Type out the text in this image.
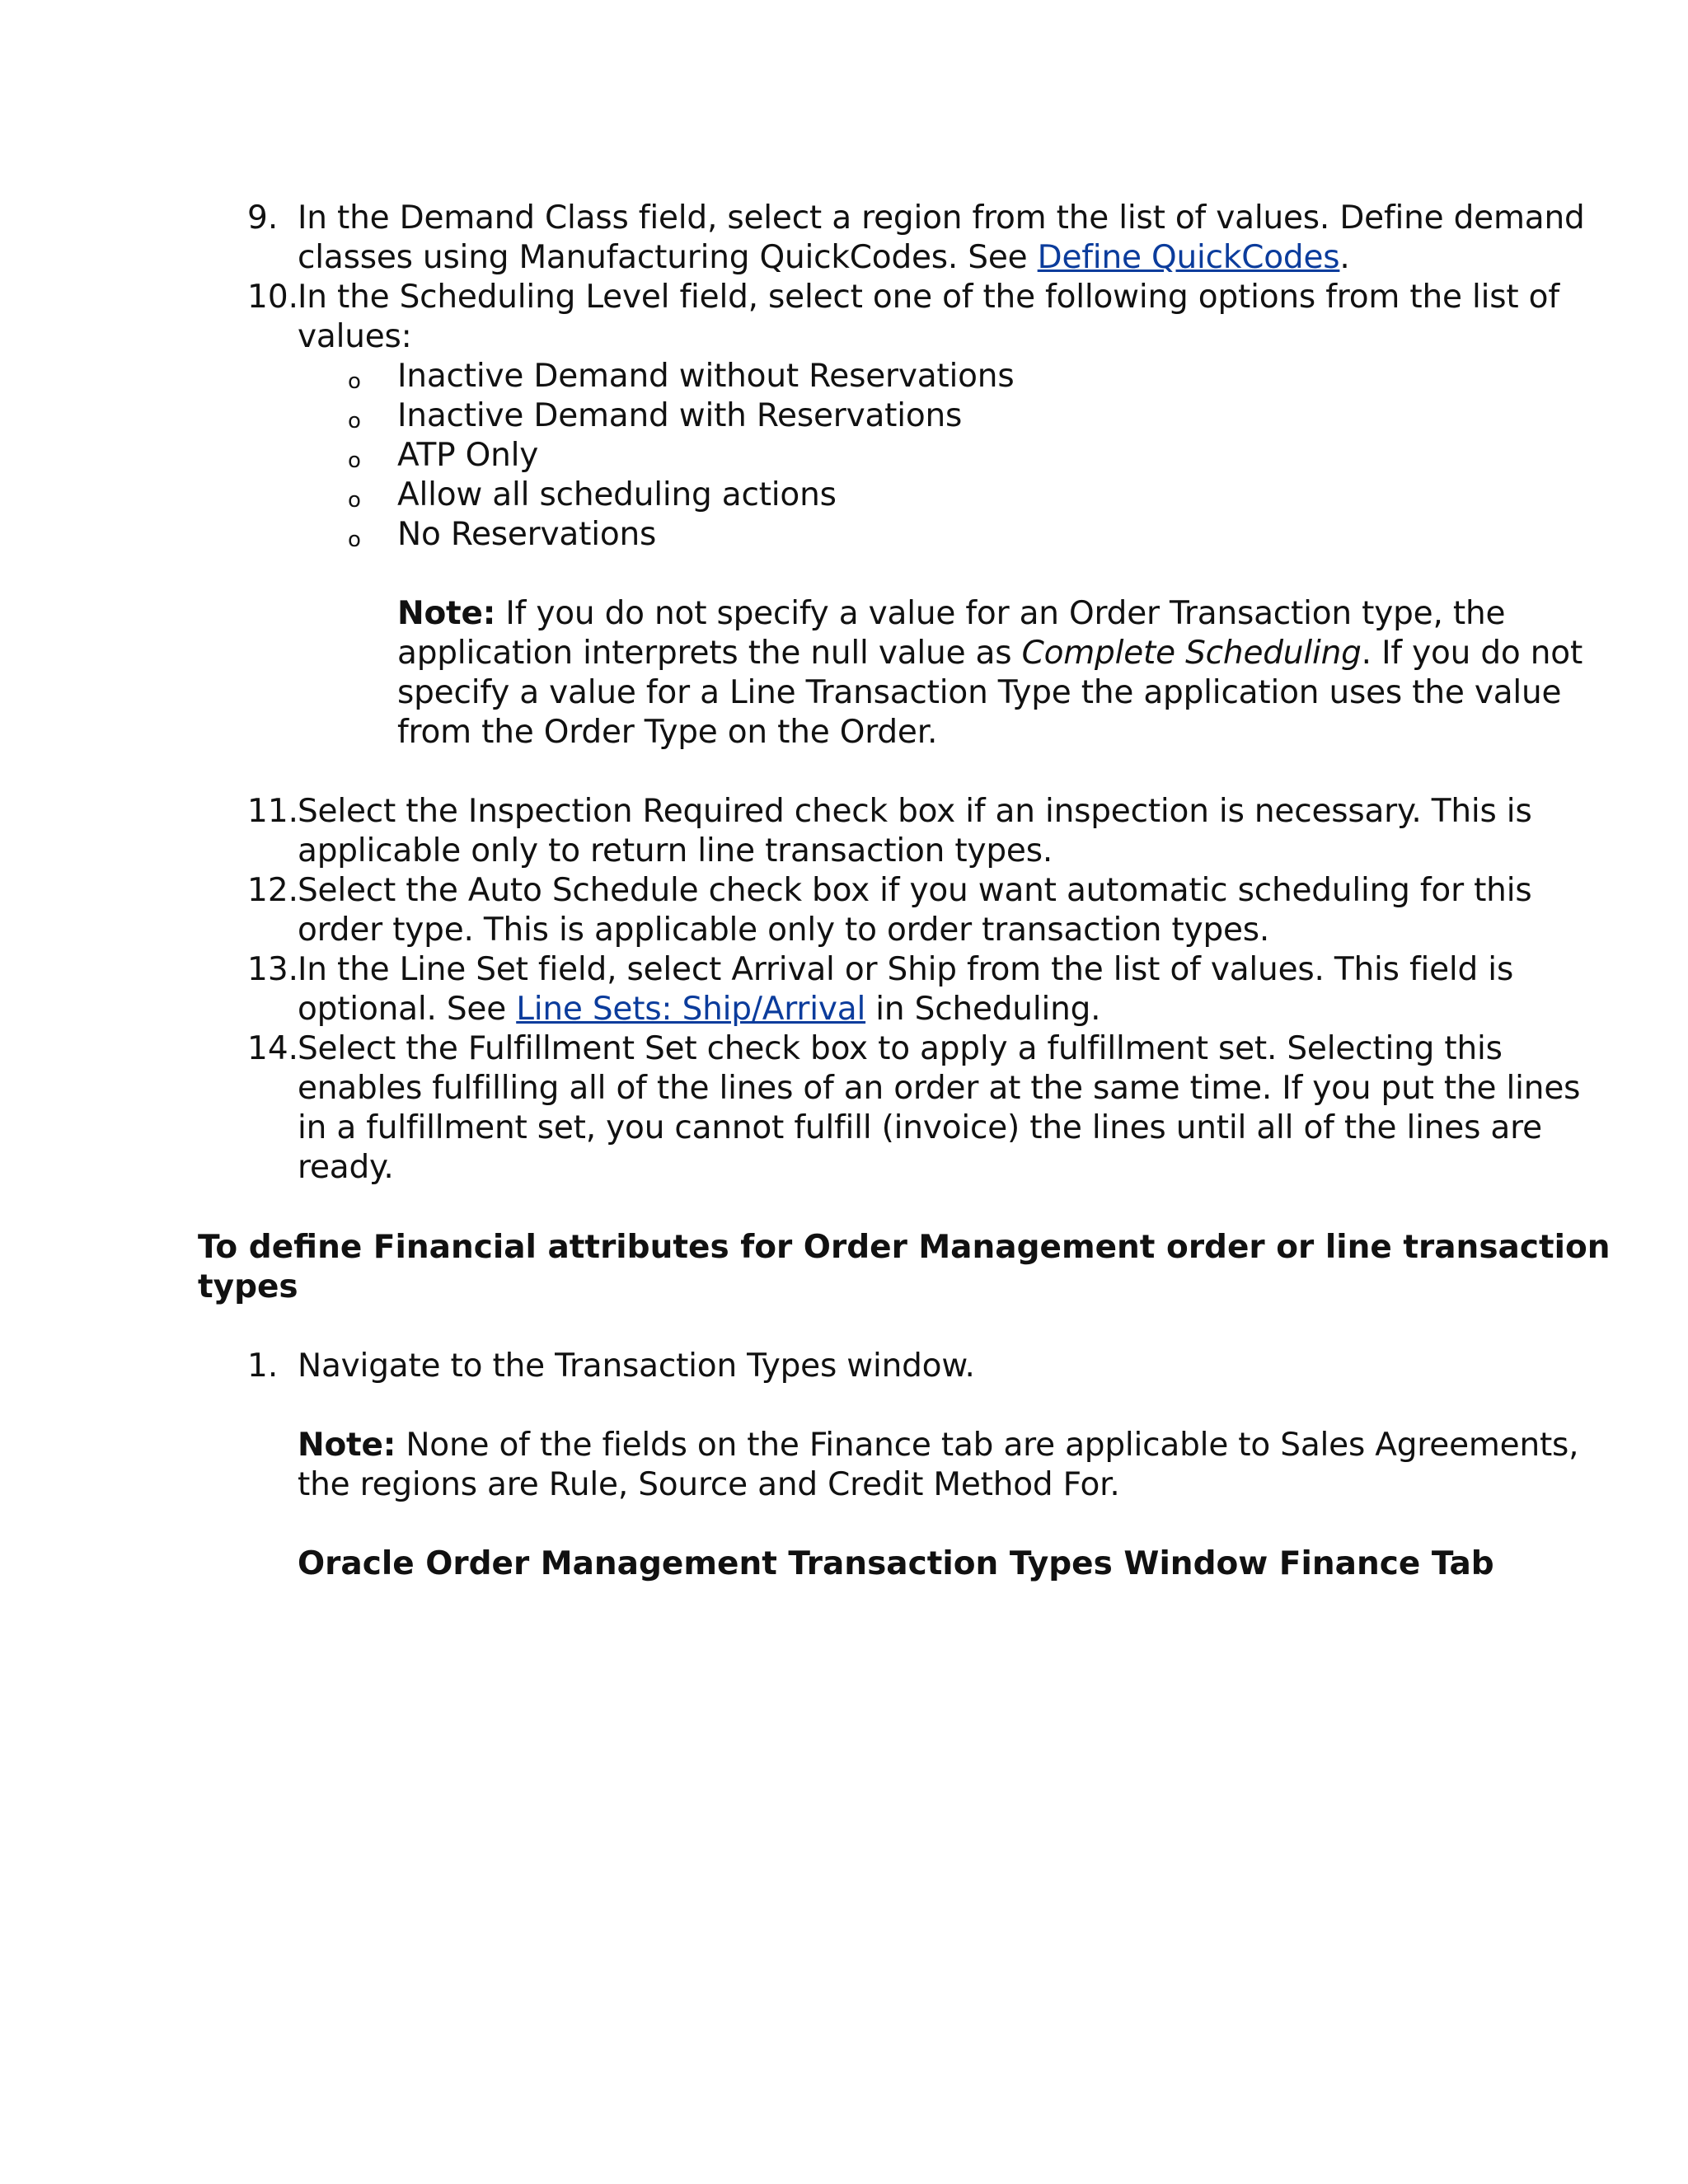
9. In the Demand Class field, select a region from the list of values. Define demand
classes using Manufacturing QuickCodes. See Define QuickCodes.
10.
In the Scheduling Level field, select one of the following options from the list of
values:
o Inactive Demand without Reservations
o Inactive Demand with Reservations
o ATP Only
o Allow all scheduling actions
o No Reservations
Note: If you do not specify a value for an Order Transaction type, the
application interprets the null value as Complete Scheduling. If you do not
specify a value for a Line Transaction Type the application uses the value
from the Order Type on the Order.
11.
Select the Inspection Required check box if an inspection is necessary. This is
applicable only to return line transaction types.
12.
Select the Auto Schedule check box if you want automatic scheduling for this
order type. This is applicable only to order transaction types.
13.
In the Line Set field, select Arrival or Ship from the list of values. This field is
optional. See Line Sets: Ship/Arrival in Scheduling.
14.
Select the Fulfillment Set check box to apply a fulfillment set. Selecting this
enables fulfilling all of the lines of an order at the same time. If you put the lines
in a fulfillment set, you cannot fulfill (invoice) the lines until all of the lines are
ready.
To define Financial attributes for Order Management order or line transaction
types
1. Navigate to the Transaction Types window.
Note: None of the fields on the Finance tab are applicable to Sales Agreements,
the regions are Rule, Source and Credit Method For.
Oracle Order Management Transaction Types Window Finance Tab
